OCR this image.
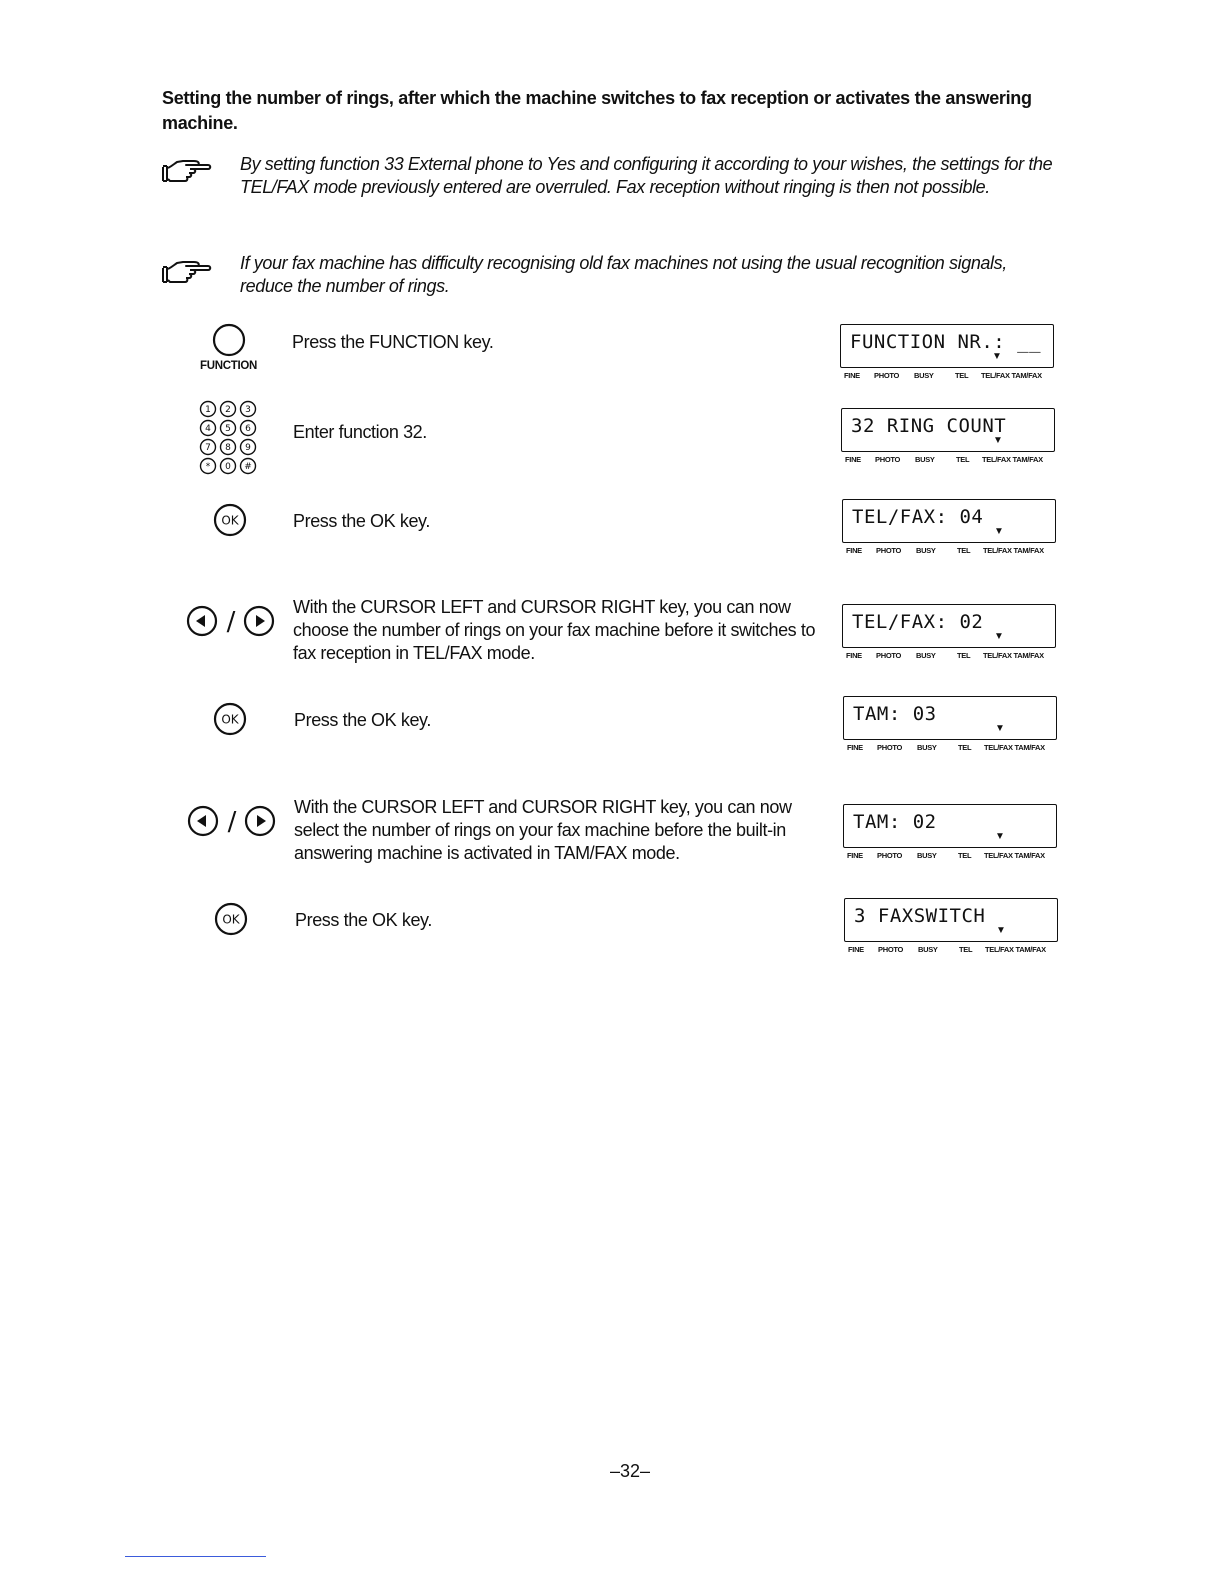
Setting the number of rings, after which the machine switches to fax reception or activates the answering machine.
By setting function 33 External phone to Yes and configuring it according to your wishes, the settings for the TEL/FAX mode previously entered are overruled. Fax reception without ringing is then not possible.
If your fax machine has difficulty recognising old fax machines not using the usual recognition signals, reduce the number of rings.
FUNCTION
Press the FUNCTION key.	FUNCTION NR.: __
▼
FINE PHOTO BUSY	TEL TEL/FAX TAM/FAX
1 2 3
4 5 6
7 8 9
* 0 #
Enter function 32.	32 RING COUNT
▼
FINE PHOTO BUSY	TEL TEL/FAX TAM/FAX
OK	Press the OK key.	TEL/FAX: 04
▼
FINE PHOTO BUSY	TEL TEL/FAX TAM/FAX
/	With the CURSOR LEFT and CURSOR RIGHT key, you can now choose the number of rings on your fax machine before it switches to fax reception in TEL/FAX mode.
TEL/FAX: 02
▼
FINE PHOTO BUSY	TEL TEL/FAX TAM/FAX
OK	Press the OK key.	TAM: 03
▼
FINE PHOTO BUSY	TEL TEL/FAX TAM/FAX
/	With the CURSOR LEFT and CURSOR RIGHT key, you can now select the number of rings on your fax machine before the built-in answering machine is activated in TAM/FAX mode.
TAM: 02
▼
FINE PHOTO BUSY	TEL TEL/FAX TAM/FAX
OK	Press the OK key.	3 FAXSWITCH
▼
FINE PHOTO BUSY	TEL TEL/FAX TAM/FAX
–32–
